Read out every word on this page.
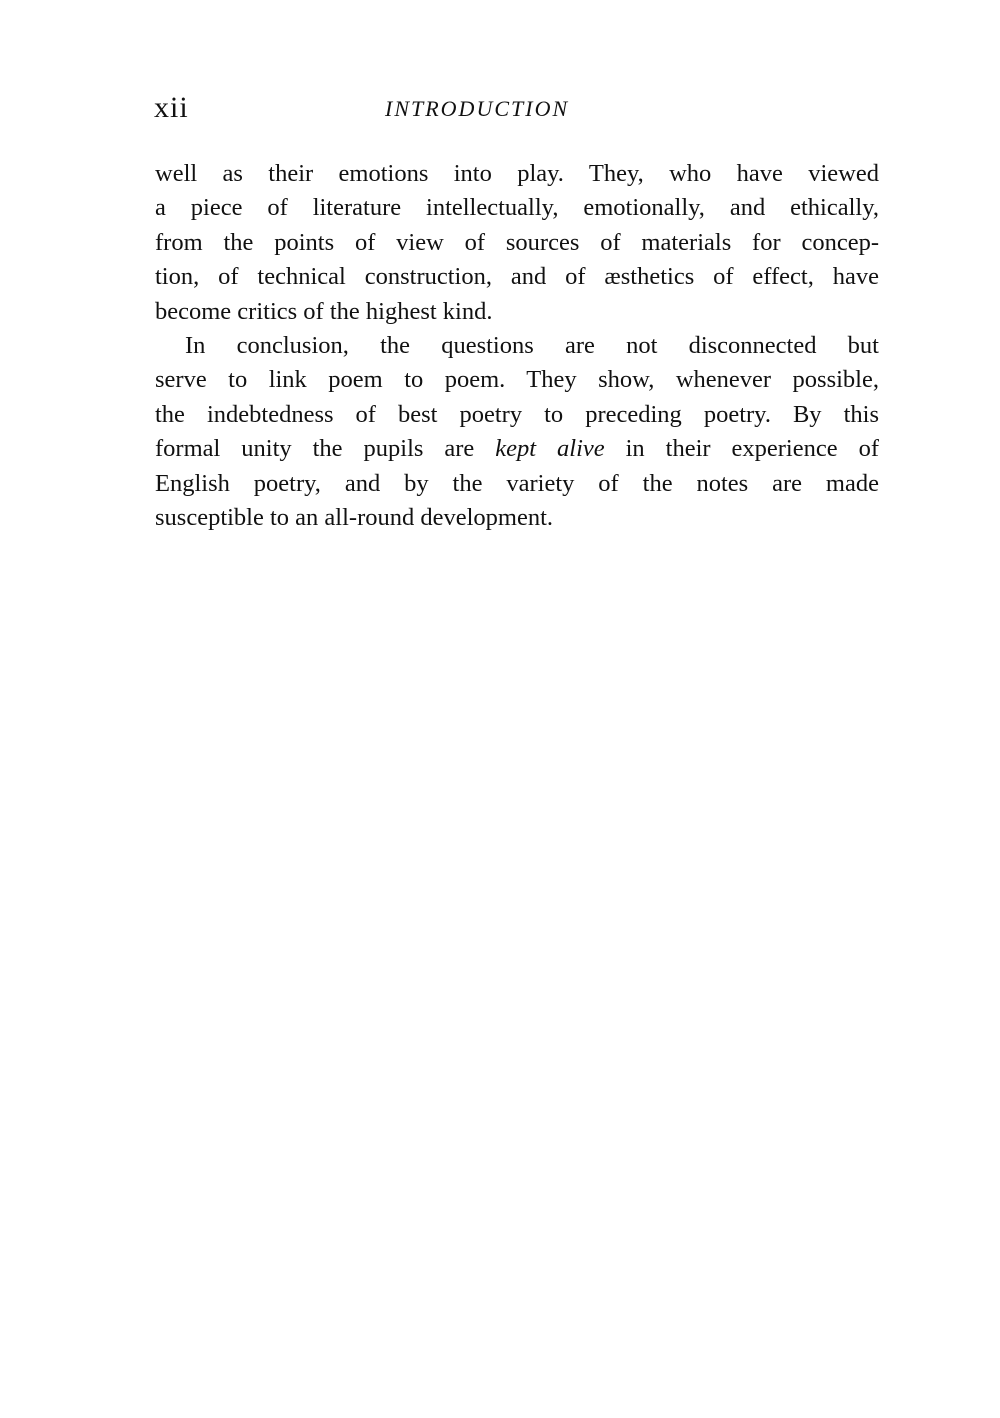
xii	INTRODUCTION
well as their emotions into play. They, who have viewed
a piece of literature intellectually, emotionally, and ethically,
from the points of view of sources of materials for concep-
tion, of technical construction, and of æsthetics of effect, have
become critics of the highest kind.
In conclusion, the questions are not disconnected but
serve to link poem to poem. They show, whenever possible,
the indebtedness of best poetry to preceding poetry. By this
formal unity the pupils are kept alive in their experience of
English poetry, and by the variety of the notes are made
susceptible to an all-round development.
